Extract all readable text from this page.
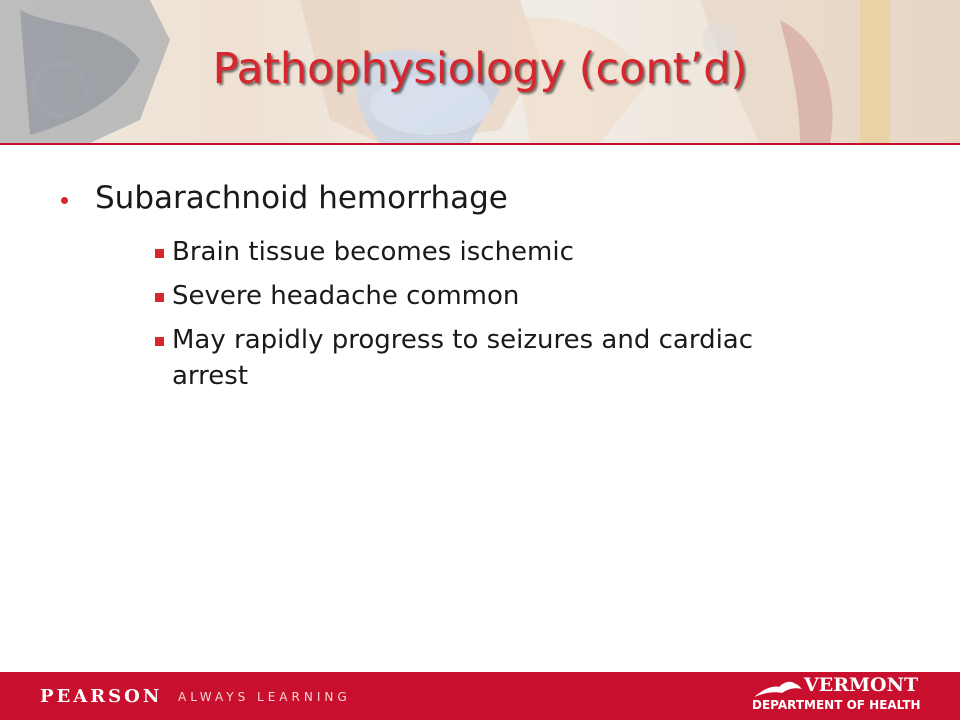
Pathophysiology (cont’d)
Subarachnoid hemorrhage
Brain tissue becomes ischemic
Severe headache common
May rapidly progress to seizures and cardiac arrest
PEARSON ALWAYS LEARNING
VERMONT
DEPARTMENT OF HEALTH
